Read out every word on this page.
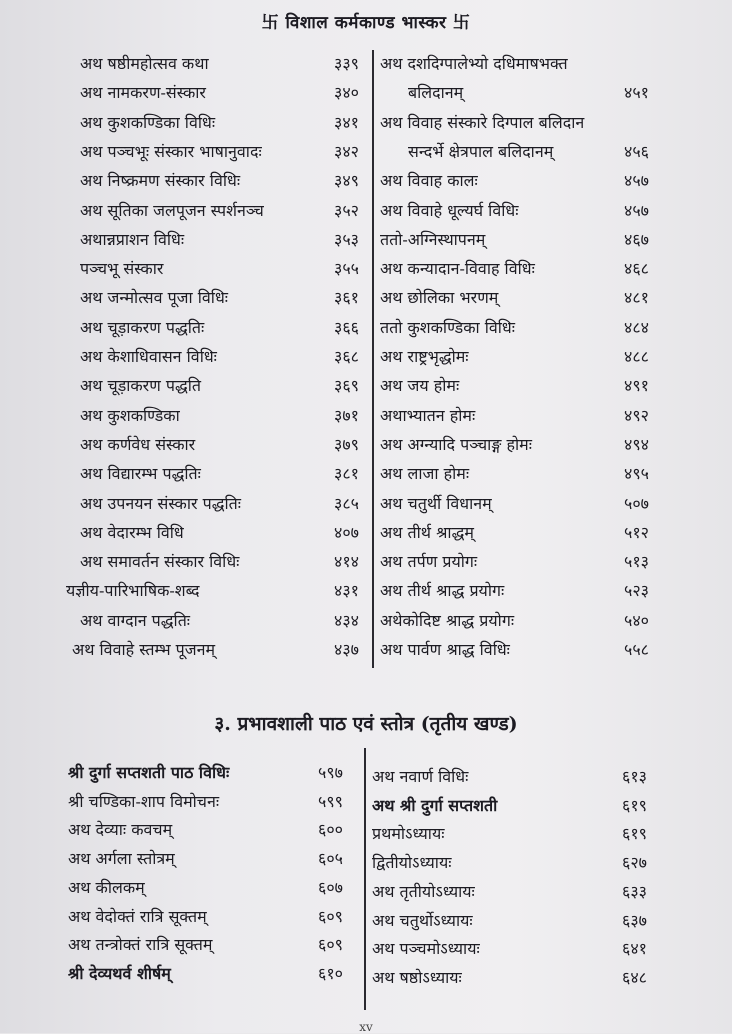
卐 विशाल कर्मकाण्ड भास्कर 卐
३. प्रभावशाली पाठ एवं स्तोत्र (तृतीय खण्ड)
अथ षष्ठीमहोत्सव कथा	३३९
अथ नामकरण-संस्कार	३४०
अथ कुशकण्डिका विधिः	३४१
अथ पञ्चभूः संस्कार भाषानुवादः	३४२
अथ निष्क्रमण संस्कार विधिः	३४९
अथ सूतिका जलपूजन स्पर्शनञ्च	३५२
अथान्नप्राशन विधिः	३५३
पञ्चभू संस्कार	३५५
अथ जन्मोत्सव पूजा विधिः	३६१
अथ चूड़ाकरण पद्धतिः	३६६
अथ केशाधिवासन विधिः	३६८
अथ चूड़ाकरण पद्धति	३६९
अथ कुशकण्डिका	३७१
अथ कर्णवेध संस्कार	३७९
अथ विद्यारम्भ पद्धतिः	३८१
अथ उपनयन संस्कार पद्धतिः	३८५
अथ वेदारम्भ विधि	४०७
अथ समावर्तन संस्कार विधिः	४१४
यज्ञीय-पारिभाषिक-शब्द	४३१
अथ वाग्दान पद्धतिः	४३४
अथ विवाहे स्तम्भ पूजनम्	४३७
अथ दशदिग्पालेभ्यो दधिमाषभक्त
बलिदानम्	४५१
अथ विवाह संस्कारे दिग्पाल बलिदान
सन्दर्भे क्षेत्रपाल बलिदानम्	४५६
अथ विवाह कालः	४५७
अथ विवाहे धूल्यर्घ विधिः	४५७
ततो-अग्निस्थापनम्	४६७
अथ कन्यादान-विवाह विधिः	४६८
अथ छोलिका भरणम्	४८१
ततो कुशकण्डिका विधिः	४८४
अथ राष्ट्रभृद्धोमः	४८८
अथ जय होमः	४९१
अथाभ्यातन होमः	४९२
अथ अग्न्यादि पञ्चाङ्ग होमः	४९४
अथ लाजा होमः	४९५
अथ चतुर्थी विधानम्	५०७
अथ तीर्थ श्राद्धम्	५१२
अथ तर्पण प्रयोगः	५१३
अथ तीर्थ श्राद्ध प्रयोगः	५२३
अथेकोदिष्ट श्राद्ध प्रयोगः	५४०
अथ पार्वण श्राद्ध विधिः	५५८
श्री दुर्गा सप्तशती पाठ विधिः	५९७
श्री चण्डिका-शाप विमोचनः	५९९
अथ देव्याः कवचम्	६००
अथ अर्गला स्तोत्रम्	६०५
अथ कीलकम्	६०७
अथ वेदोक्तं रात्रि सूक्तम्	६०९
अथ तन्त्रोक्तं रात्रि सूक्तम्	६०९
श्री देव्यथर्व शीर्षम्	६१०
अथ नवार्ण विधिः	६१३
अथ श्री दुर्गा सप्तशती	६१९
प्रथमोऽध्यायः	६१९
द्वितीयोऽध्यायः	६२७
अथ तृतीयोऽध्यायः	६३३
अथ चतुर्थोऽध्यायः	६३७
अथ पञ्चमोऽध्यायः	६४१
अथ षष्ठोऽध्यायः	६४८
xv
